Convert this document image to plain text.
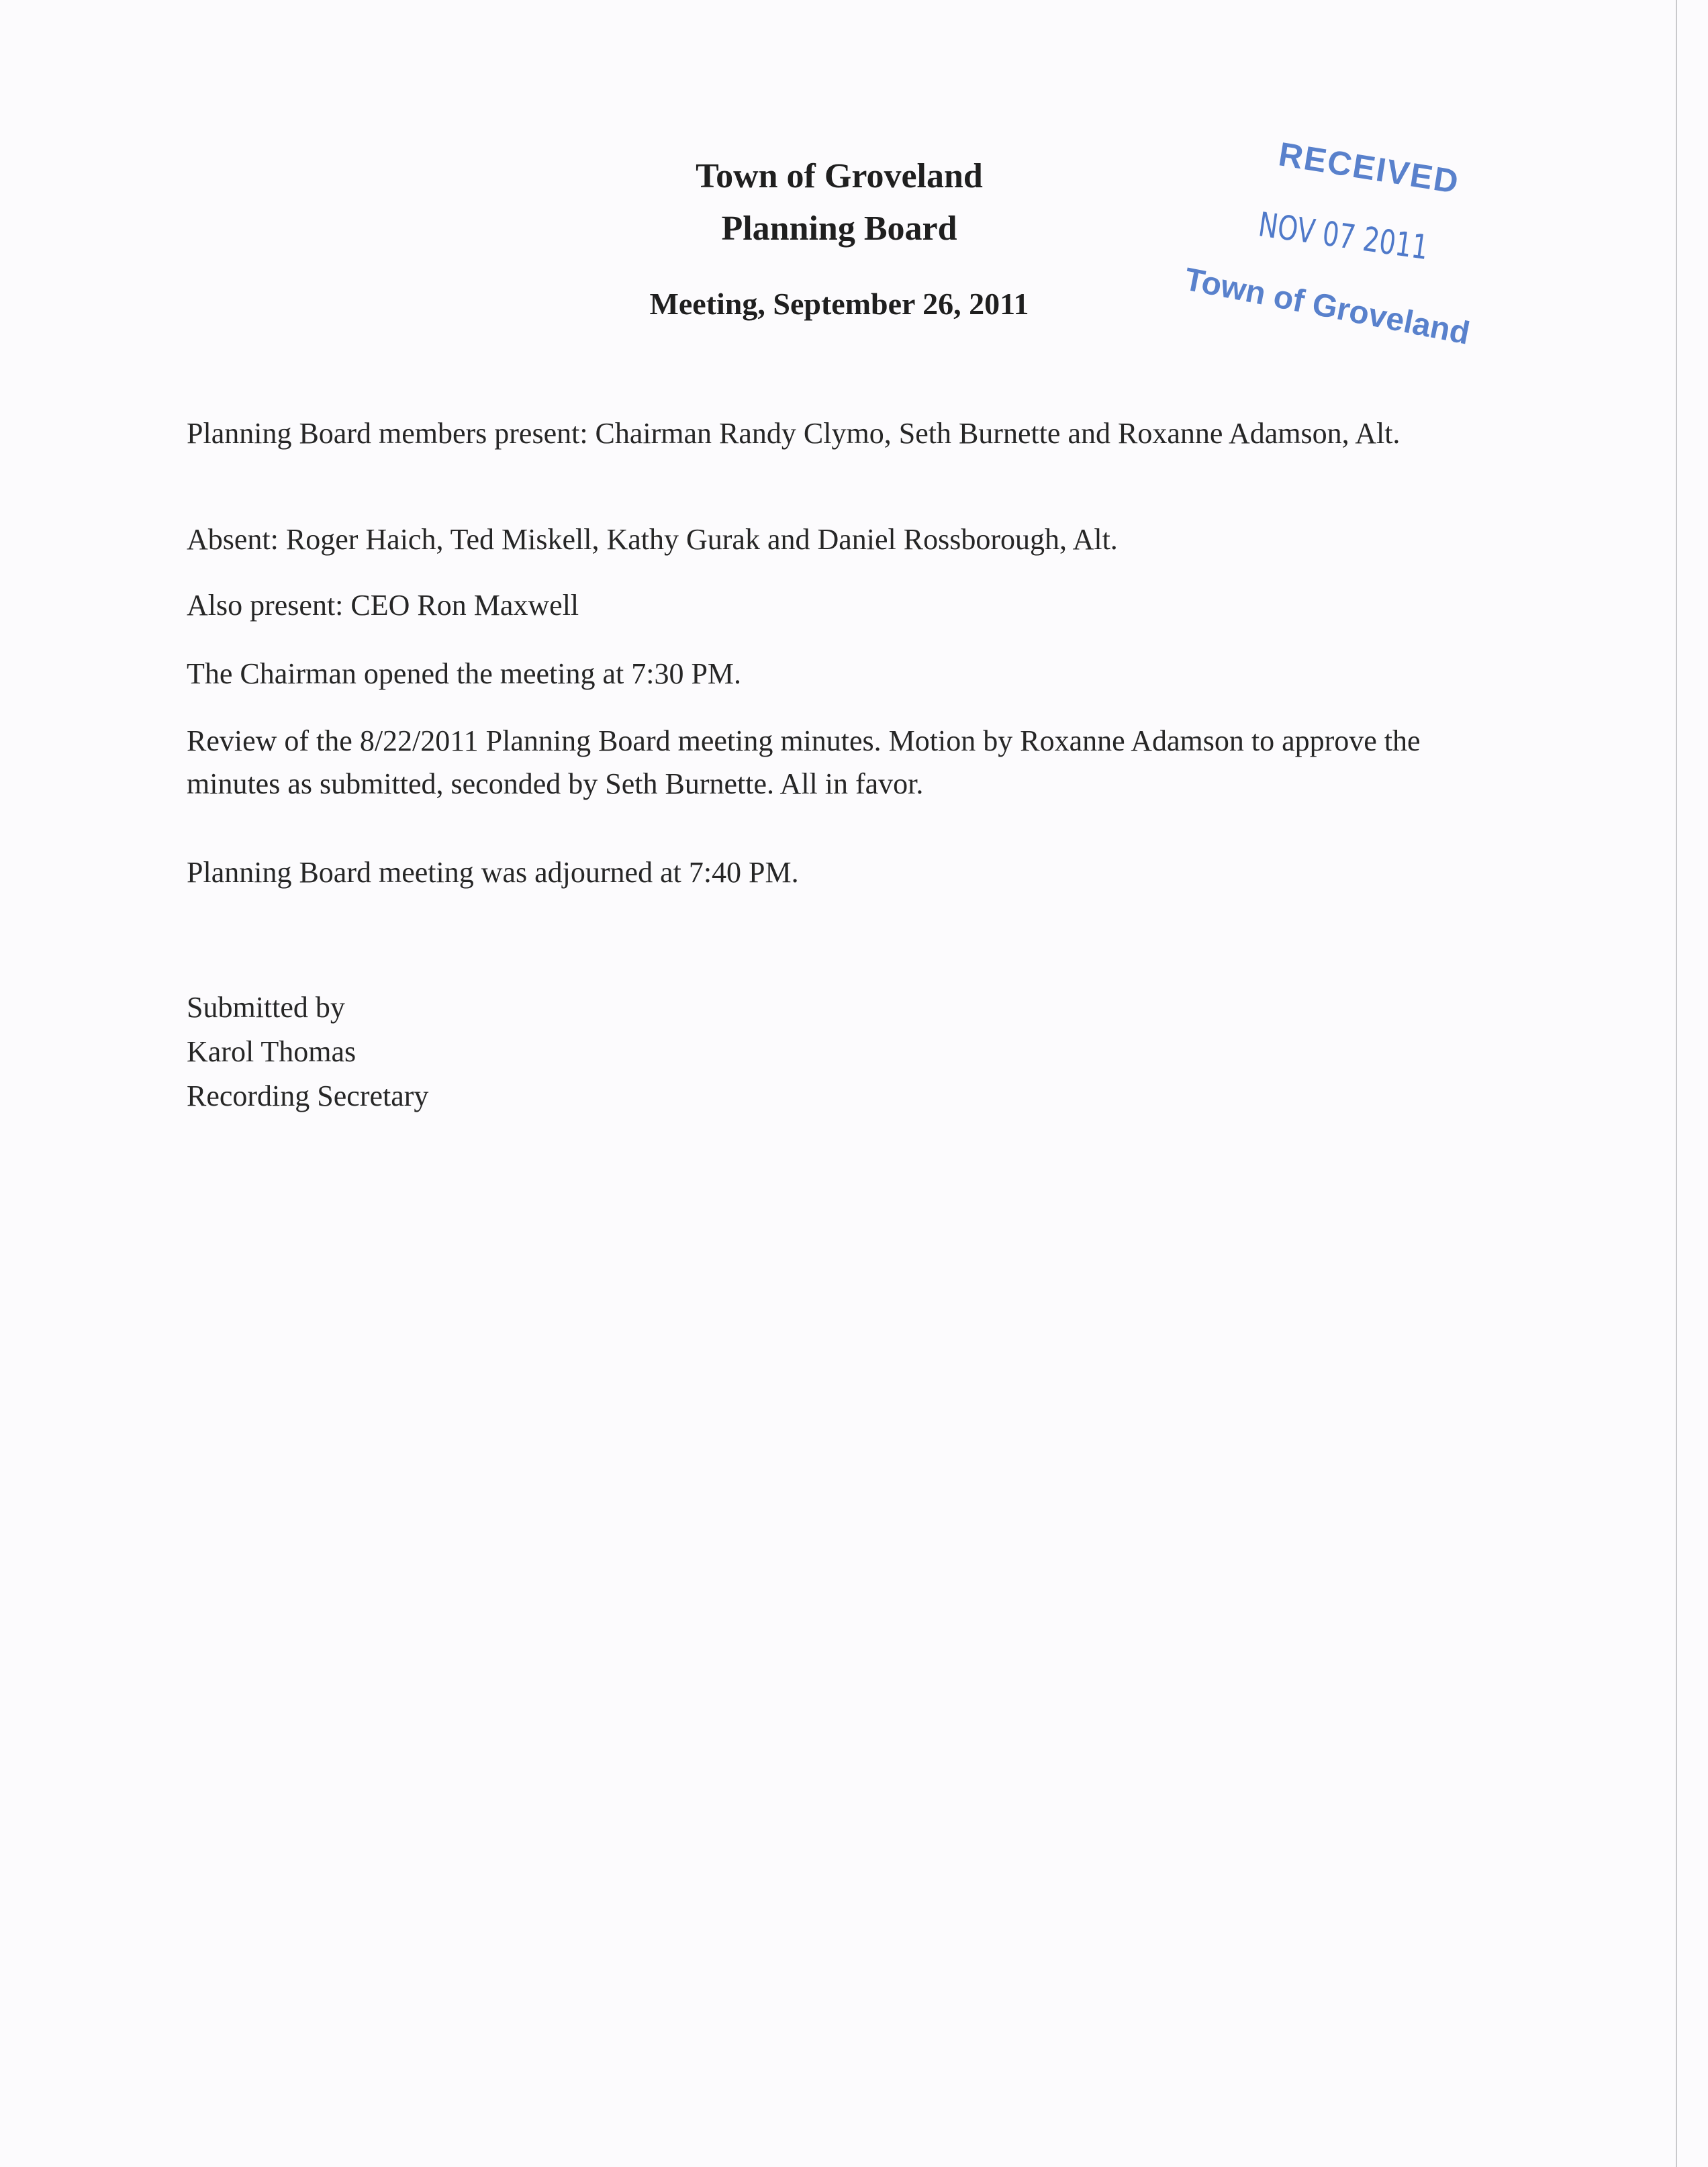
Town of Groveland
Planning Board
Meeting, September 26, 2011
RECEIVED
NOV 07 2011
Town of Groveland
Planning Board members present: Chairman Randy Clymo, Seth Burnette and Roxanne Adamson, Alt.
Absent: Roger Haich, Ted Miskell, Kathy Gurak and Daniel Rossborough, Alt.
Also present: CEO Ron Maxwell
The Chairman opened the meeting at 7:30 PM.
Review of the 8/22/2011 Planning Board meeting minutes. Motion by Roxanne Adamson to approve the minutes as submitted, seconded by Seth Burnette. All in favor.
Planning Board meeting was adjourned at 7:40 PM.
Submitted by
Karol Thomas
Recording Secretary
